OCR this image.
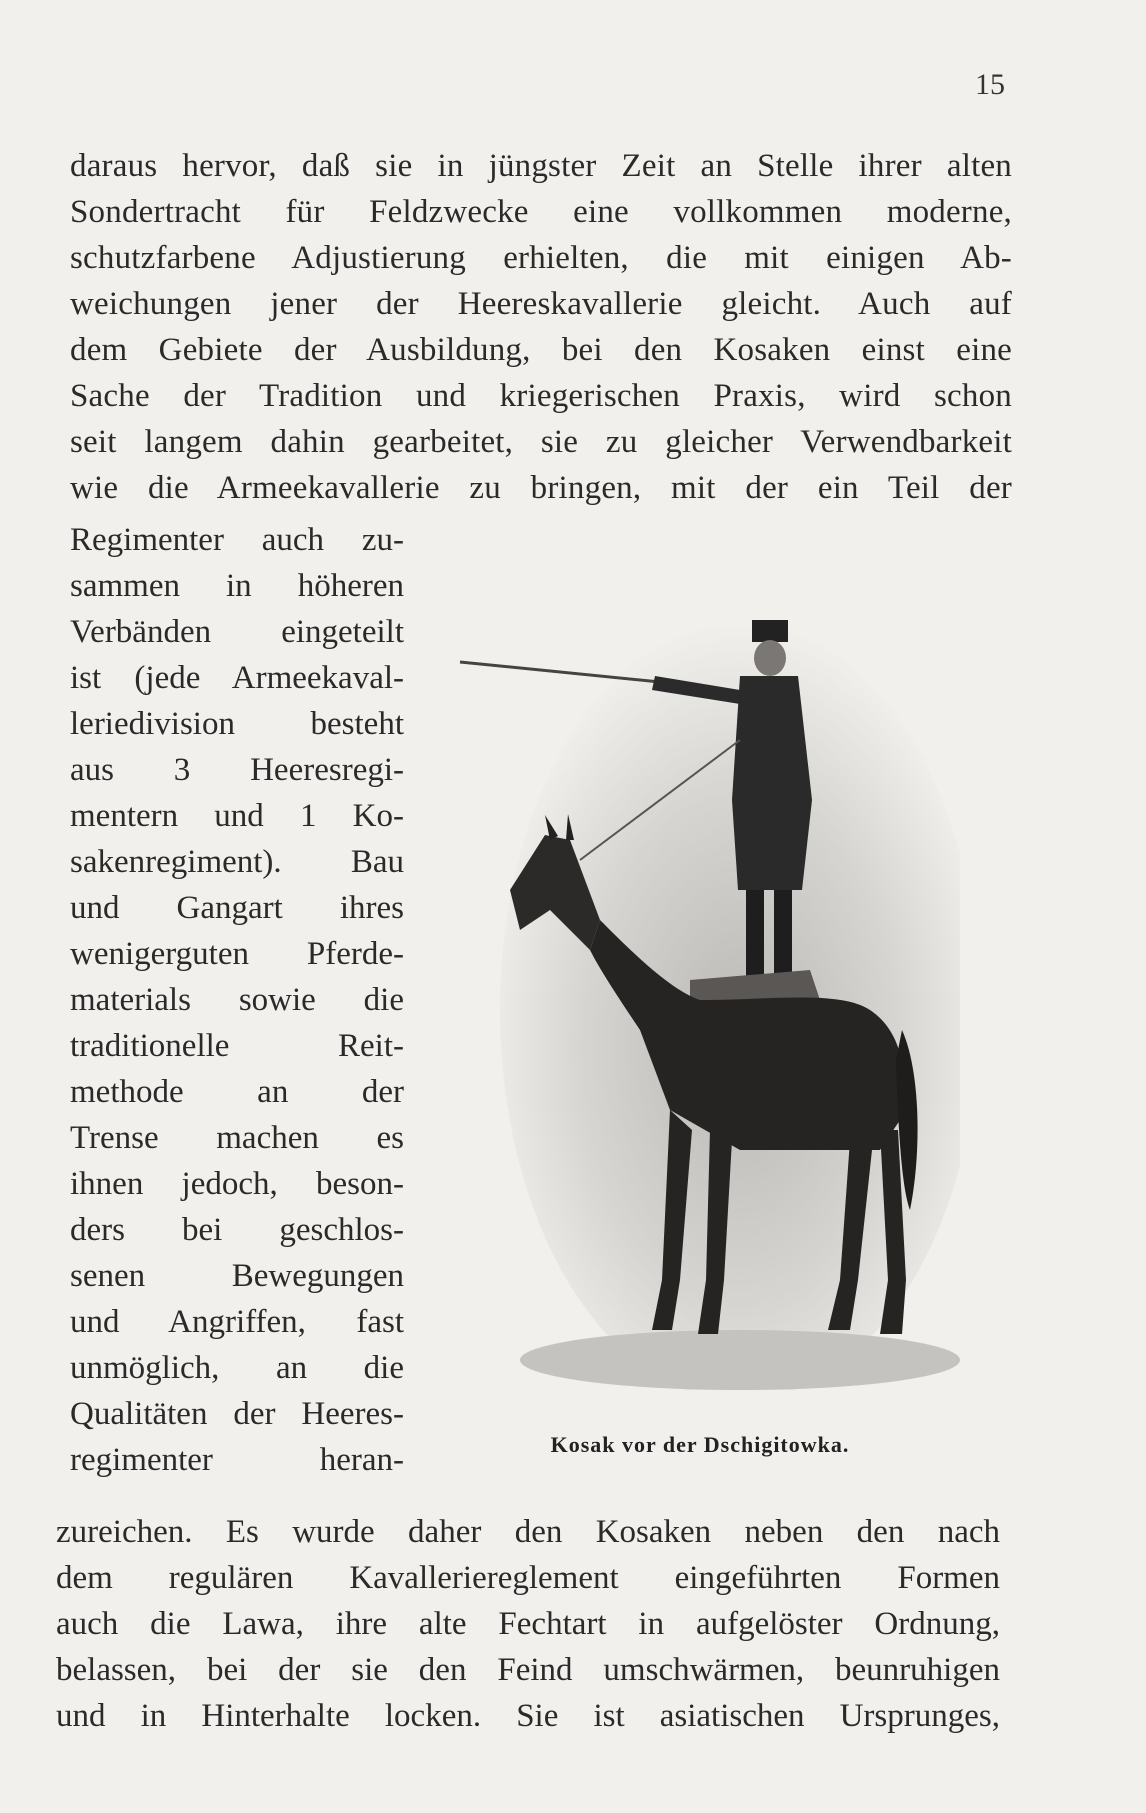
15
daraus hervor, daß sie in jüngster Zeit an Stelle ihrer alten
Sondertracht für Feldzwecke eine vollkommen moderne,
schutzfarbene Adjustierung erhielten, die mit einigen Ab-
weichungen jener der Heereskavallerie gleicht. Auch auf
dem Gebiete der Ausbildung, bei den Kosaken einst eine
Sache der Tradition und kriegerischen Praxis, wird schon
seit langem dahin gearbeitet, sie zu gleicher Verwendbarkeit
wie die Armeekavallerie zu bringen, mit der ein Teil der
Regimenter auch zu-
sammen in höheren
Verbänden eingeteilt
ist (jede Armeekaval-
leriedivision besteht
aus 3 Heeresregi-
mentern und 1 Ko-
sakenregiment). Bau
und Gangart ihres
wenigerguten Pferde-
materials sowie die
traditionelle Reit-
methode an der
Trense machen es
ihnen jedoch, beson-
ders bei geschlos-
senen Bewegungen
und Angriffen, fast
unmöglich, an die
Qualitäten der Heeres-
regimenter heran-	Kosak vor der Dschigitowka.
zureichen. Es wurde daher den Kosaken neben den nach
dem regulären Kavalleriereglement eingeführten Formen
auch die Lawa, ihre alte Fechtart in aufgelöster Ordnung,
belassen, bei der sie den Feind umschwärmen, beunruhigen
und in Hinterhalte locken. Sie ist asiatischen Ursprunges,
